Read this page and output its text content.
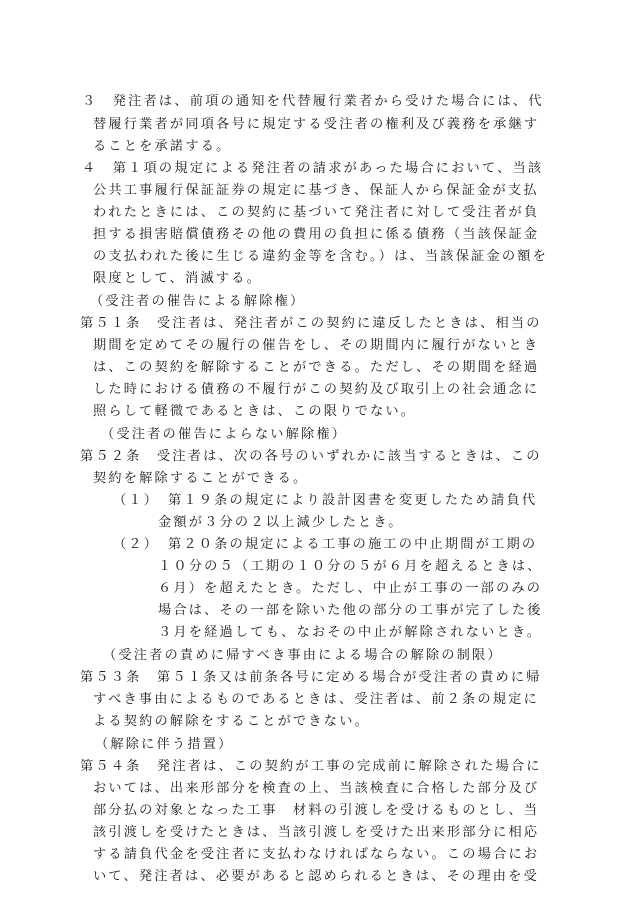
３　発注者は、前項の通知を代替履行業者から受けた場合には、代
替履行業者が同項各号に規定する受注者の権利及び義務を承継す
ることを承諾する。
４　第１項の規定による発注者の請求があった場合において、当該
公共工事履行保証証券の規定に基づき、保証人から保証金が支払
われたときには、この契約に基づいて発注者に対して受注者が負
担する損害賠償債務その他の費用の負担に係る債務（当該保証金
の支払われた後に生じる違約金等を含む。）は、当該保証金の額を
限度として、消滅する。
（受注者の催告による解除権）
第５１条　受注者は、発注者がこの契約に違反したときは、相当の
期間を定めてその履行の催告をし、その期間内に履行がないとき
は、この契約を解除することができる。ただし、その期間を経過
した時における債務の不履行がこの契約及び取引上の社会通念に
照らして軽微であるときは、この限りでない。
（受注者の催告によらない解除権）
第５２条　受注者は、次の各号のいずれかに該当するときは、この
契約を解除することができる。
（１）　第１９条の規定により設計図書を変更したため請負代
金額が３分の２以上減少したとき。
（２）　第２０条の規定による工事の施工の中止期間が工期の
１０分の５（工期の１０分の５が６月を超えるときは、
６月）を超えたとき。ただし、中止が工事の一部のみの
場合は、その一部を除いた他の部分の工事が完了した後
３月を経過しても、なおその中止が解除されないとき。
（受注者の責めに帰すべき事由による場合の解除の制限）
第５３条　第５１条又は前条各号に定める場合が受注者の責めに帰
すべき事由によるものであるときは、受注者は、前２条の規定に
よる契約の解除をすることができない。
（解除に伴う措置）
第５４条　発注者は、この契約が工事の完成前に解除された場合に
おいては、出来形部分を検査の上、当該検査に合格した部分及び
部分払の対象となった工事　材料の引渡しを受けるものとし、当
該引渡しを受けたときは、当該引渡しを受けた出来形部分に相応
する請負代金を受注者に支払わなければならない。この場合にお
いて、発注者は、必要があると認められるときは、その理由を受
